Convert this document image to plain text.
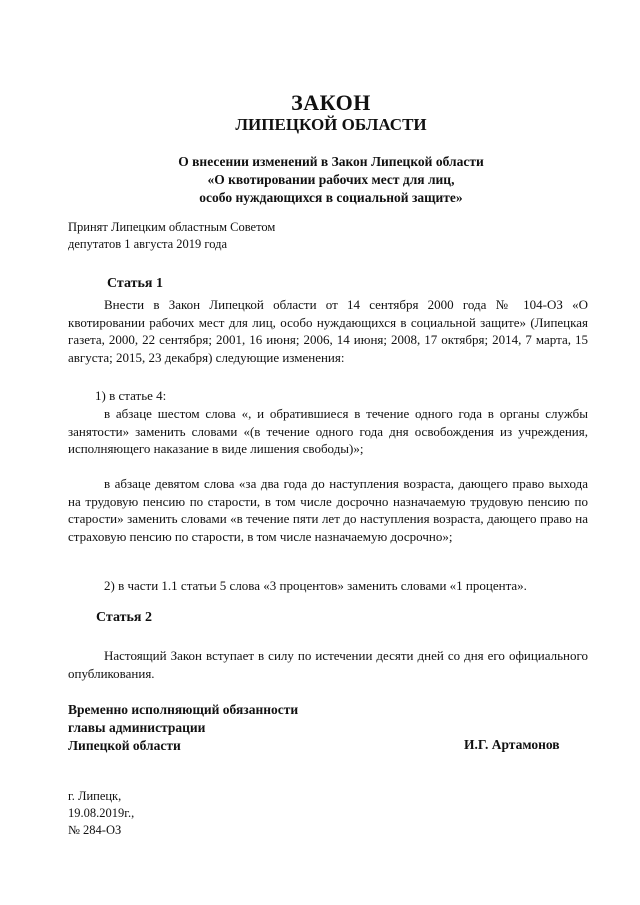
ЗАКОН
ЛИПЕЦКОЙ ОБЛАСТИ
О внесении изменений в Закон Липецкой области
«О квотировании рабочих мест для лиц,
особо нуждающихся в социальной защите»
Принят Липецким областным Советом
депутатов 1 августа 2019 года
Статья 1
Внести в Закон Липецкой области от 14 сентября 2000 года № 104-ОЗ «О квотировании рабочих мест для лиц, особо нуждающихся в социальной защите» (Липецкая газета, 2000, 22 сентября; 2001, 16 июня; 2006, 14 июня; 2008, 17 октября; 2014, 7 марта, 15 августа; 2015, 23 декабря) следующие изменения:
1) в статье 4:
в абзаце шестом слова «, и обратившиеся в течение одного года в органы службы занятости» заменить словами «(в течение одного года дня освобождения из учреждения, исполняющего наказание в виде лишения свободы)»;
в абзаце девятом слова «за два года до наступления возраста, дающего право выхода на трудовую пенсию по старости, в том числе досрочно назначаемую трудовую пенсию по старости» заменить словами «в течение пяти лет до наступления возраста, дающего право на страховую пенсию по старости, в том числе назначаемую досрочно»;
2) в части 1.1 статьи 5 слова «3 процентов» заменить словами «1 процента».
Статья 2
Настоящий Закон вступает в силу по истечении десяти дней со дня его официального опубликования.
Временно исполняющий обязанности
главы администрации
Липецкой области	И.Г. Артамонов
г. Липецк,
19.08.2019г.,
№ 284-ОЗ
